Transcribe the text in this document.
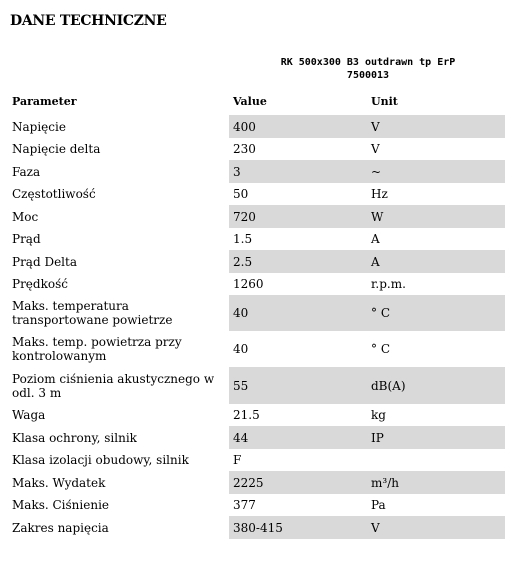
DANE TECHNICZNE
RK 500x300 B3 outdrawn tp ErP
7500013
Parameter	Value	Unit
Napięcie	400	V
Napięcie delta	230	V
Faza	3	~
Częstotliwość	50	Hz
Moc	720	W
Prąd	1.5	A
Prąd Delta	2.5	A
Prędkość	1260	r.p.m.
Maks. temperatura transportowane powietrze	40	° C
Maks. temp. powietrza przy kontrolowanym	40	° C
Poziom ciśnienia akustycznego w odl. 3 m	55	dB(A)
Waga	21.5	kg
Klasa ochrony, silnik	44	IP
Klasa izolacji obudowy, silnik	F	
Maks. Wydatek	2225	m³/h
Maks. Ciśnienie	377	Pa
Zakres napięcia	380-415	V
